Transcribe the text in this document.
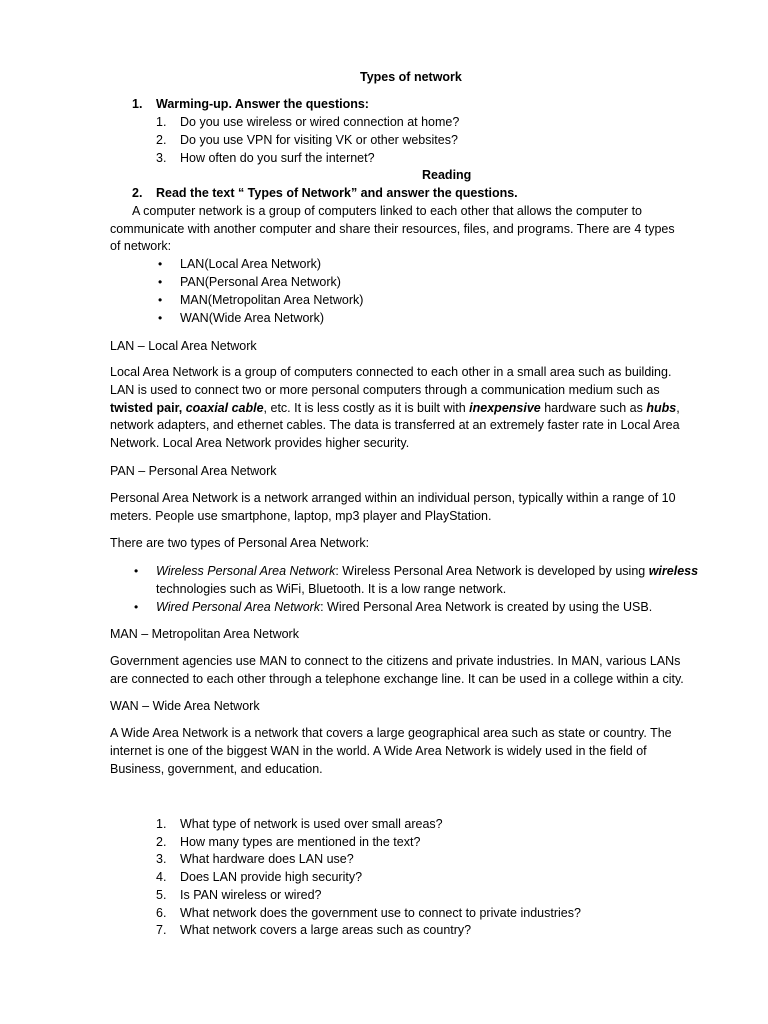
Types of network
1. Warming-up. Answer the questions:
1. Do you use wireless or wired connection at home?
2. Do you use VPN for visiting VK or other websites?
3. How often do you surf the internet?
Reading
2. Read the text “ Types of Network” and answer the questions.
A computer network is a group of computers linked to each other that allows the computer to
communicate with another computer and share their resources, files, and programs. There are 4 types
of network:
• LAN(Local Area Network)
• PAN(Personal Area Network)
• MAN(Metropolitan Area Network)
• WAN(Wide Area Network)
LAN – Local Area Network
Local Area Network is a group of computers connected to each other in a small area such as building.
LAN is used to connect two or more personal computers through a communication medium such as
twisted pair, coaxial cable, etc. It is less costly as it is built with inexpensive hardware such as hubs,
network adapters, and ethernet cables. The data is transferred at an extremely faster rate in Local Area
Network. Local Area Network provides higher security.
PAN – Personal Area Network
Personal Area Network is a network arranged within an individual person, typically within a range of 10
meters. People use smartphone, laptop, mp3 player and PlayStation.
There are two types of Personal Area Network:
• Wireless Personal Area Network: Wireless Personal Area Network is developed by using wireless
technologies such as WiFi, Bluetooth. It is a low range network.
• Wired Personal Area Network: Wired Personal Area Network is created by using the USB.
MAN – Metropolitan Area Network
Government agencies use MAN to connect to the citizens and private industries. In MAN, various LANs
are connected to each other through a telephone exchange line. It can be used in a college within a city.
WAN – Wide Area Network
A Wide Area Network is a network that covers a large geographical area such as state or country. The
internet is one of the biggest WAN in the world. A Wide Area Network is widely used in the field of
Business, government, and education.
1. What type of network is used over small areas?
2. How many types are mentioned in the text?
3. What hardware does LAN use?
4. Does LAN provide high security?
5. Is PAN wireless or wired?
6. What network does the government use to connect to private industries?
7. What network covers a large areas such as country?
